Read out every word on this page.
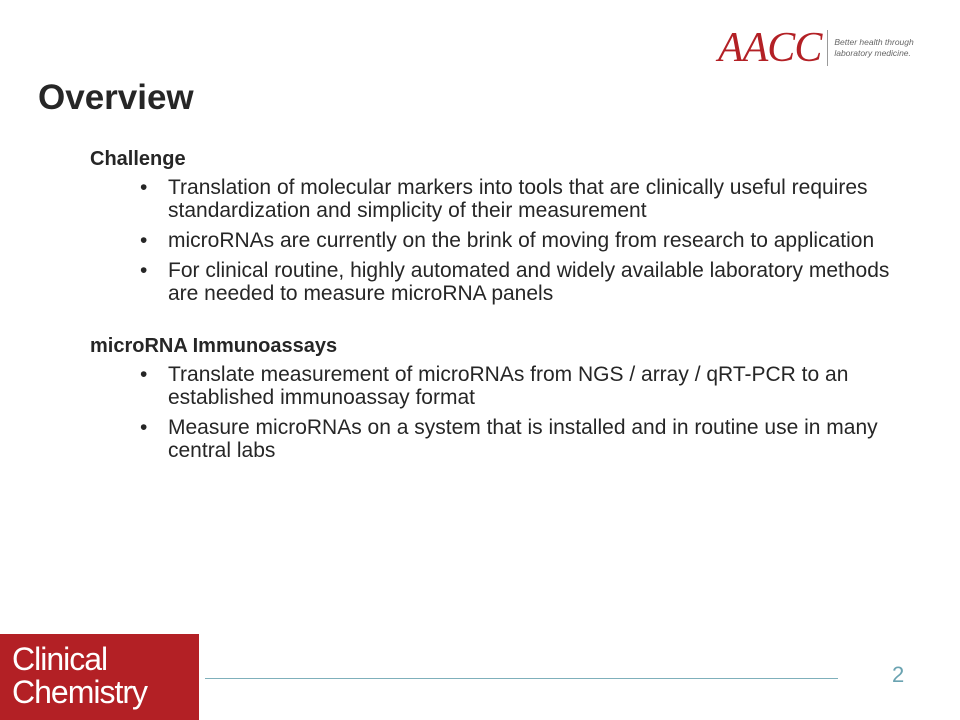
AACC Better health through
laboratory medicine.
Overview
Challenge
• Translation of molecular markers into tools that are clinically useful requires standardization and simplicity of their measurement
• microRNAs are currently on the brink of moving from research to application
• For clinical routine, highly automated and widely available laboratory methods are needed to measure microRNA panels
microRNA Immunoassays
• Translate measurement of microRNAs from NGS / array / qRT-PCR to an established immunoassay format
• Measure microRNAs on a system that is installed and in routine use in many central labs
Clinical
Chemistry	2
